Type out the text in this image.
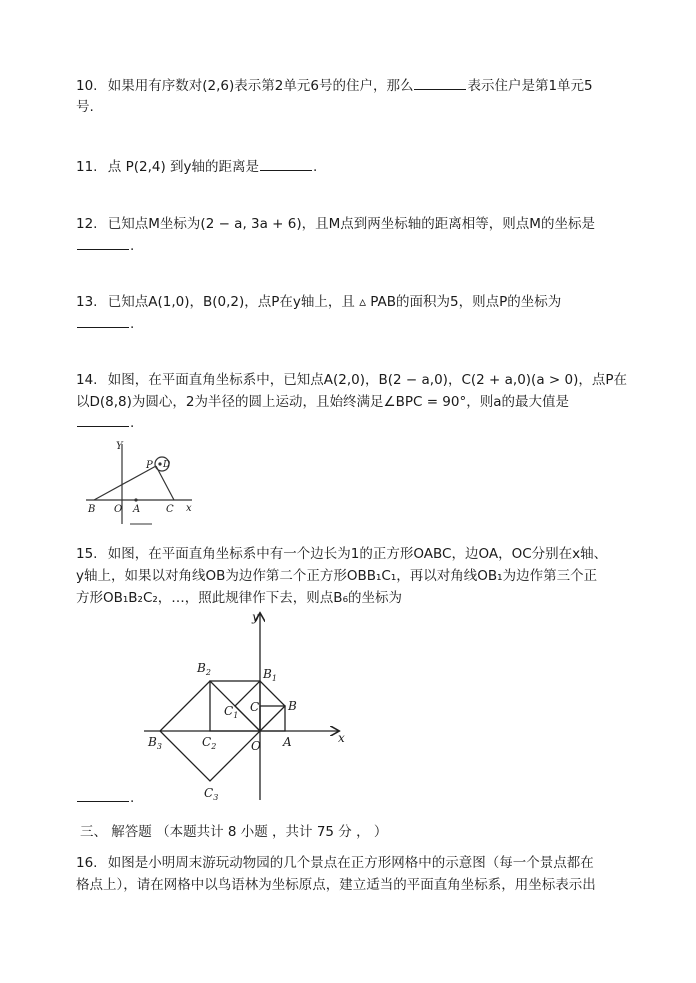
10. 如果用有序数对(2,6)表示第2单元6号的住户，那么	表示住户是第1单元5
号.
11. 点 P(2,4) 到y轴的距离是	.
12. 已知点M坐标为(2 − a, 3a + 6)，且M点到两坐标轴的距离相等，则点M的坐标是
.
13. 已知点A(1,0)，B(0,2)，点P在y轴上，且 ▵ PAB的面积为5，则点P的坐标为
.
14. 如图，在平面直角坐标系中，已知点A(2,0)，B(2 − a,0)，C(2 + a,0)(a > 0)，点P在
以D(8,8)为圆心，2为半径的圆上运动，且始终满足∠BPC = 90°，则a的最大值是
.
Y
x
P D
B O A	C
15. 如图，在平面直角坐标系中有一个边长为1的正方形OABC，边OA，OC分别在x轴、
y轴上，如果以对角线OB为边作第二个正方形OBB₁C₁，再以对角线OB₁为边作第三个正
方形OB₁B₂C₂，…，照此规律作下去，则点B₆的坐标为
y
x
O A
B
C
$B_1$
$B_2$
$B_3$
$C_1$
$C_2$
$C_3$
.
三、 解答题 （本题共计 8 小题 ，共计 75 分 ， ）
16. 如图是小明周末游玩动物园的几个景点在正方形网格中的示意图（每一个景点都在
格点上），请在网格中以鸟语林为坐标原点，建立适当的平面直角坐标系，用坐标表示出
